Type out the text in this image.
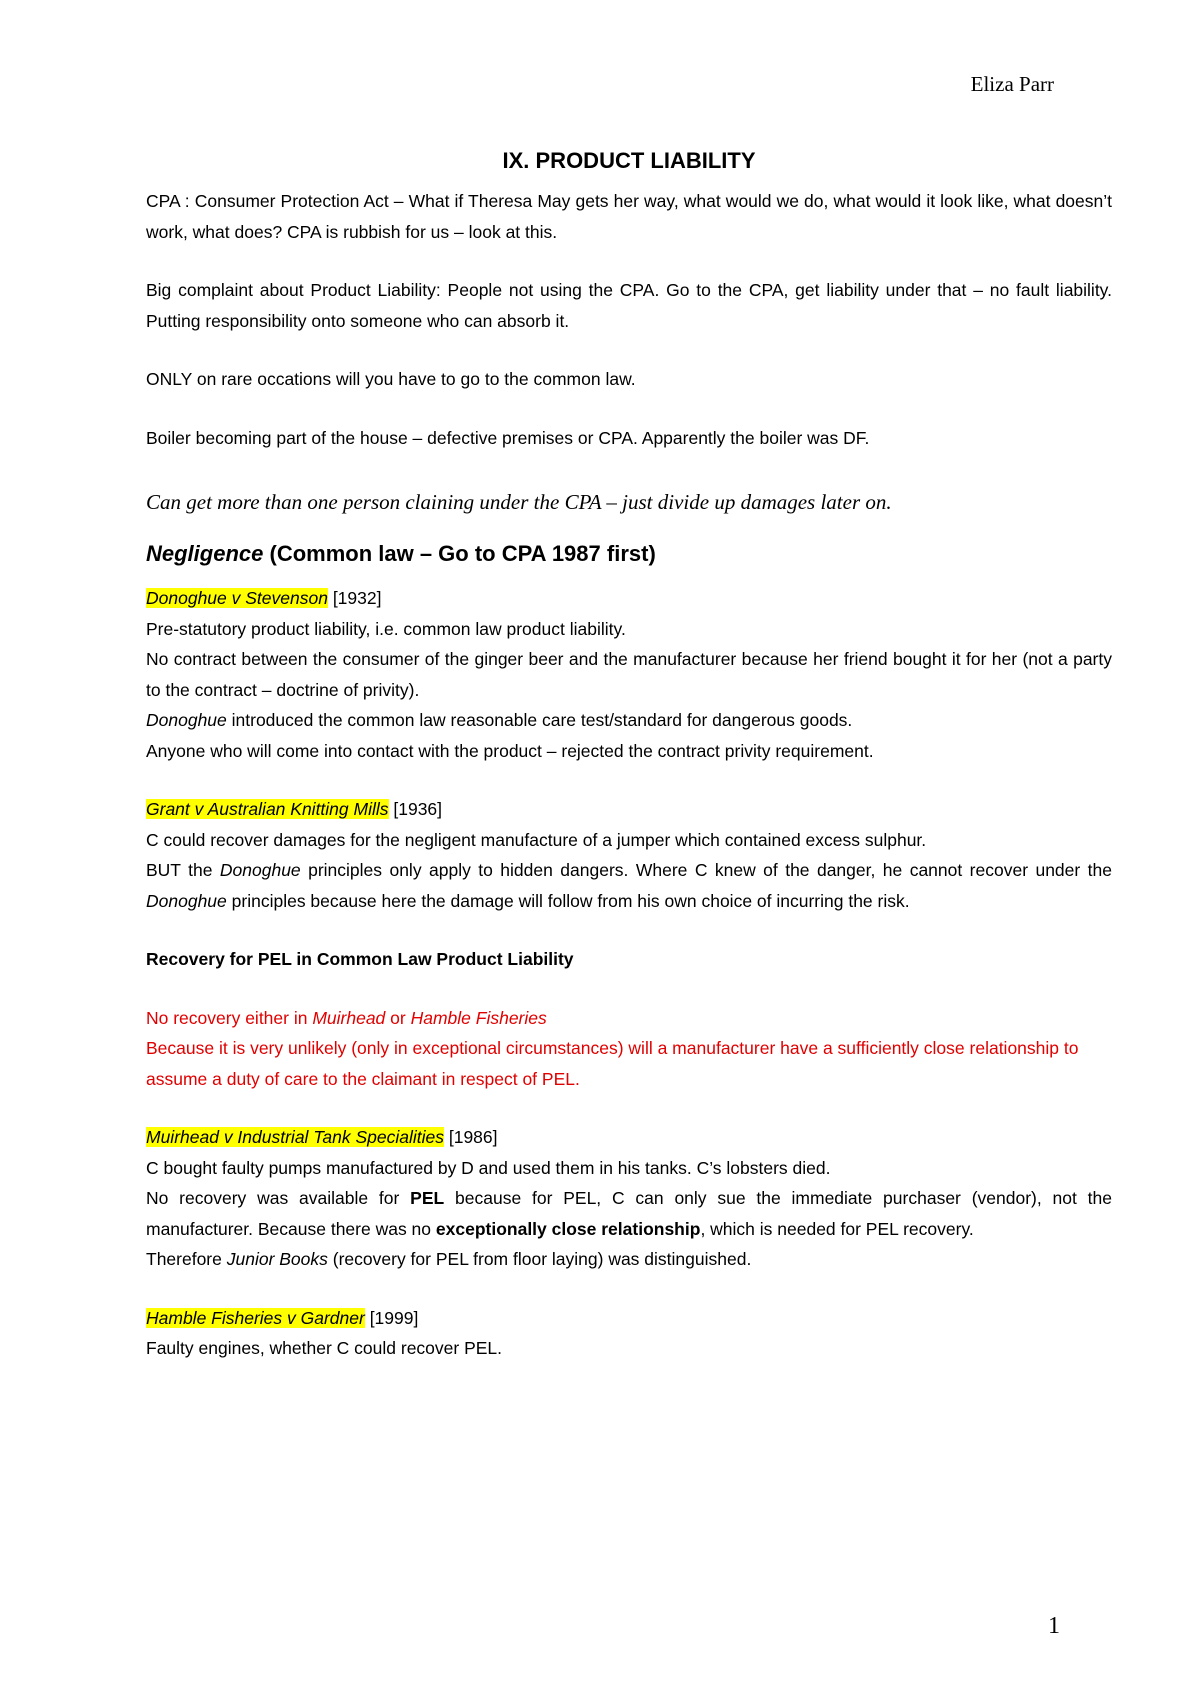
Eliza Parr
IX. PRODUCT LIABILITY

CPA : Consumer Protection Act – What if Theresa May gets her way, what would we do, what would it look like, what doesn’t work, what does? CPA is rubbish for us – look at this.

Big complaint about Product Liability: People not using the CPA. Go to the CPA, get liability under that – no fault liability. Putting responsibility onto someone who can absorb it.

ONLY on rare occations will you have to go to the common law.

Boiler becoming part of the house – defective premises or CPA. Apparently the boiler was DF.

Can get more than one person claining under the CPA – just divide up damages later on.

Negligence (Common law – Go to CPA 1987 first)

Donoghue v Stevenson [1932]

Pre-statutory product liability, i.e. common law product liability.

No contract between the consumer of the ginger beer and the manufacturer because her friend bought it for her (not a party to the contract – doctrine of privity).

Donoghue introduced the common law reasonable care test/standard for dangerous goods.

Anyone who will come into contact with the product – rejected the contract privity requirement.

Grant v Australian Knitting Mills [1936]

C could recover damages for the negligent manufacture of a jumper which contained excess sulphur.

BUT the Donoghue principles only apply to hidden dangers. Where C knew of the danger, he cannot recover under the Donoghue principles because here the damage will follow from his own choice of incurring the risk.

Recovery for PEL in Common Law Product Liability

No recovery either in Muirhead or Hamble Fisheries

Because it is very unlikely (only in exceptional circumstances) will a manufacturer have a sufficiently close relationship to assume a duty of care to the claimant in respect of PEL.

Muirhead v Industrial Tank Specialities [1986]

C bought faulty pumps manufactured by D and used them in his tanks. C’s lobsters died.

No recovery was available for PEL because for PEL, C can only sue the immediate purchaser (vendor), not the manufacturer. Because there was no exceptionally close relationship, which is needed for PEL recovery.

Therefore Junior Books (recovery for PEL from floor laying) was distinguished.

Hamble Fisheries v Gardner [1999]

Faulty engines, whether C could recover PEL.

1
